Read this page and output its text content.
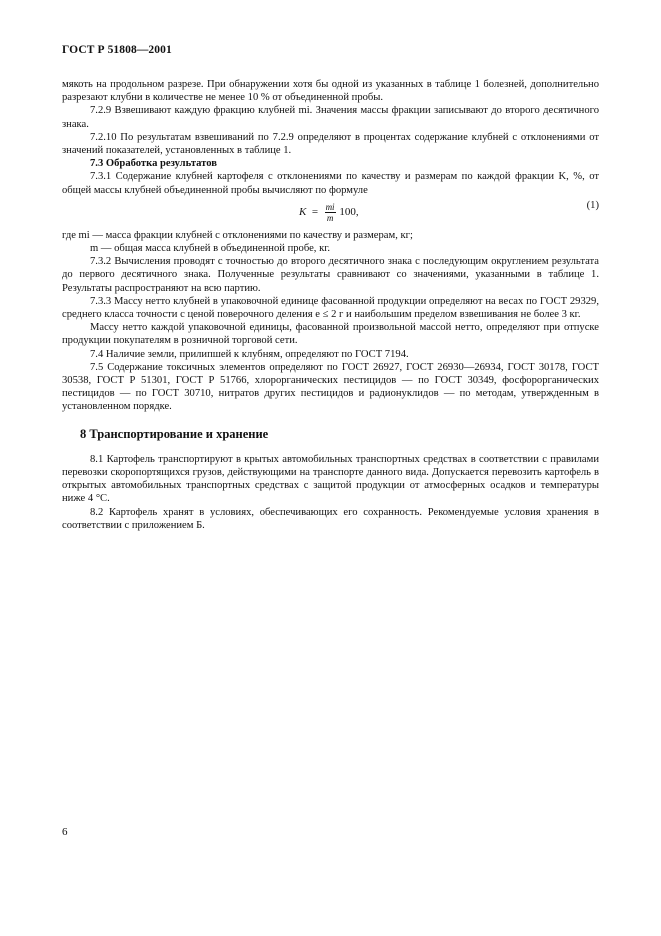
ГОСТ Р 51808—2001

мякоть на продольном разрезе. При обнаружении хотя бы одной из указанных в таблице 1 болезней, дополнительно разрезают клубни в количестве не менее 10 % от объединенной пробы.

7.2.9 Взвешивают каждую фракцию клубней mi. Значения массы фракции записывают до второго десятичного знака.

7.2.10 По результатам взвешиваний по 7.2.9 определяют в процентах содержание клубней с отклонениями от значений показателей, установленных в таблице 1.

7.3 Обработка результатов

7.3.1 Содержание клубней картофеля с отклонениями по качеству и размерам по каждой фракции K, %, от общей массы клубней объединенной пробы вычисляют по формуле

$K = \frac{mi}{m} 100$,
(1)

где mi — масса фракции клубней с отклонениями по качеству и размерам, кг;

m — общая масса клубней в объединенной пробе, кг.

7.3.2 Вычисления проводят с точностью до второго десятичного знака с последующим округлением результата до первого десятичного знака. Полученные результаты сравнивают со значениями, указанными в таблице 1. Результаты распространяют на всю партию.

7.3.3 Массу нетто клубней в упаковочной единице фасованной продукции определяют на весах по ГОСТ 29329, среднего класса точности с ценой поверочного деления e ≤ 2 г и наибольшим пределом взвешивания не более 3 кг.

Массу нетто каждой упаковочной единицы, фасованной произвольной массой нетто, определяют при отпуске продукции покупателям в розничной торговой сети.

7.4 Наличие земли, прилипшей к клубням, определяют по ГОСТ 7194.

7.5 Содержание токсичных элементов определяют по ГОСТ 26927, ГОСТ 26930—26934, ГОСТ 30178, ГОСТ 30538, ГОСТ Р 51301, ГОСТ Р 51766, хлорорганических пестицидов — по ГОСТ 30349, фосфорорганических пестицидов — по ГОСТ 30710, нитратов других пестицидов и радионуклидов — по методам, утвержденным в установленном порядке.

8 Транспортирование и хранение

8.1 Картофель транспортируют в крытых автомобильных транспортных средствах в соответствии с правилами перевозки скоропортящихся грузов, действующими на транспорте данного вида. Допускается перевозить картофель в открытых автомобильных транспортных средствах с защитой продукции от атмосферных осадков и температуры ниже 4 °С.

8.2 Картофель хранят в условиях, обеспечивающих его сохранность. Рекомендуемые условия хранения в соответствии с приложением Б.

6
